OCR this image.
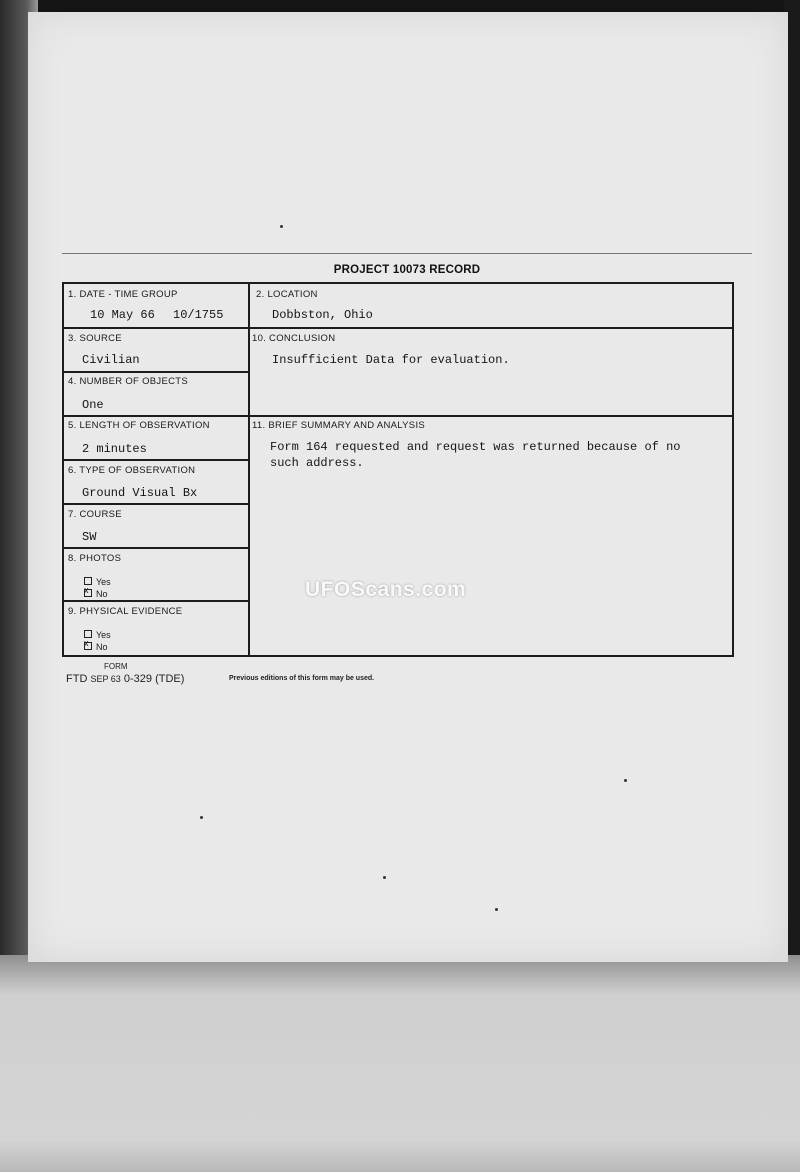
PROJECT 10073 RECORD
1. DATE - TIME GROUP
10 May 66 10/1755
2. LOCATION
Dobbston, Ohio
3. SOURCE
Civilian
10. CONCLUSION
Insufficient Data for evaluation.
4. NUMBER OF OBJECTS
One
5. LENGTH OF OBSERVATION
2 minutes
11. BRIEF SUMMARY AND ANALYSIS
Form 164 requested and request was returned because of no
such address.
6. TYPE OF OBSERVATION
Ground Visual Bx
7. COURSE
SW
8. PHOTOS
Yes
xNo
9. PHYSICAL EVIDENCE
Yes
xNo
FORM
FTD SEP 63 0-329 (TDE)	Previous editions of this form may be used.
UFOScans.com
